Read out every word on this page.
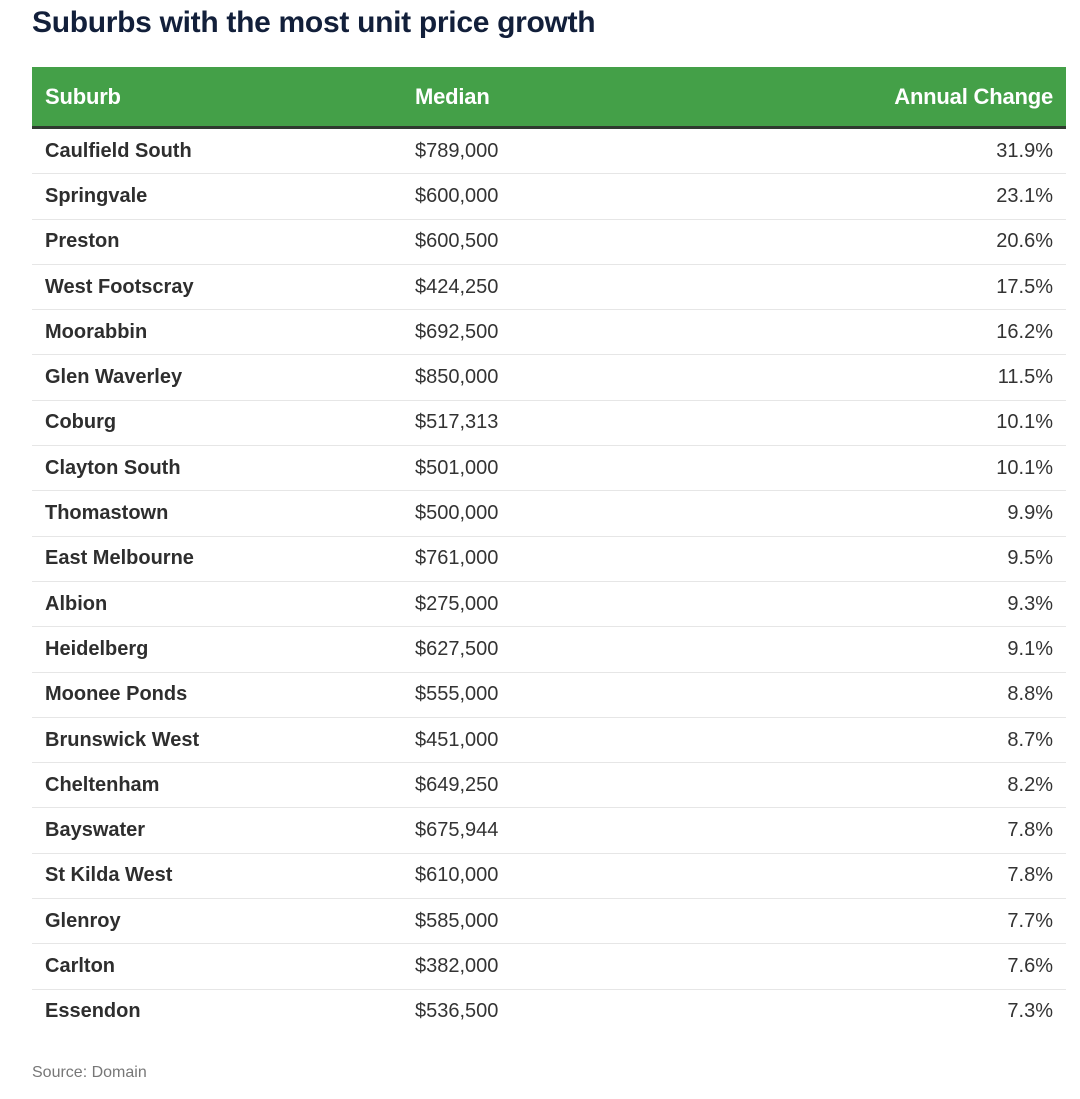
Suburbs with the most unit price growth
Suburb	Median	Annual Change
Caulfield South	$789,000	31.9%
Springvale	$600,000	23.1%
Preston	$600,500	20.6%
West Footscray	$424,250	17.5%
Moorabbin	$692,500	16.2%
Glen Waverley	$850,000	11.5%
Coburg	$517,313	10.1%
Clayton South	$501,000	10.1%
Thomastown	$500,000	9.9%
East Melbourne	$761,000	9.5%
Albion	$275,000	9.3%
Heidelberg	$627,500	9.1%
Moonee Ponds	$555,000	8.8%
Brunswick West	$451,000	8.7%
Cheltenham	$649,250	8.2%
Bayswater	$675,944	7.8%
St Kilda West	$610,000	7.8%
Glenroy	$585,000	7.7%
Carlton	$382,000	7.6%
Essendon	$536,500	7.3%
Source: Domain
